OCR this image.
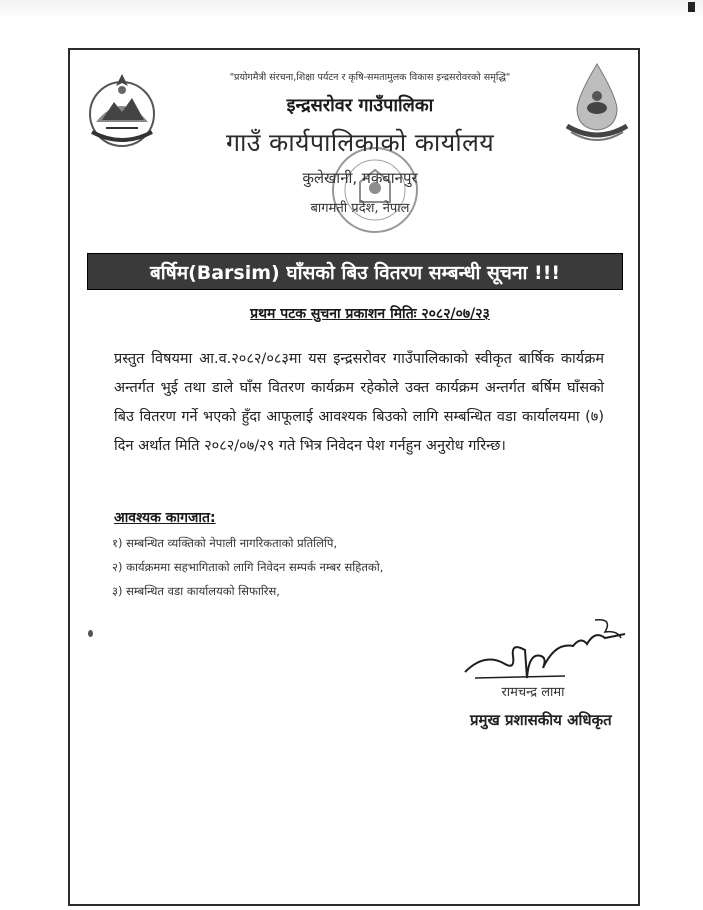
"प्रयोगमैत्री संरचना,शिक्षा पर्यटन र कृषि-समतामुलक विकास इन्द्रसरोवरको समृद्धि"
इन्द्रसरोवर गाउँपालिका
गाउँ कार्यपालिकाको कार्यालय
कुलेखानी, मकवानपुर
बागमती प्रदेश, नेपाल
बर्षिम(Barsim) घाँसको बिउ वितरण सम्बन्धी सूचना !!!
प्रथम पटक सुचना प्रकाशन मितिः २०८२/०७/२३
प्रस्तुत विषयमा आ.व.२०८२/०८३मा यस इन्द्रसरोवर गाउँपालिकाको स्वीकृत बार्षिक कार्यक्रम अन्तर्गत भुई तथा डाले घाँस वितरण कार्यक्रम रहेकोले उक्त कार्यक्रम अन्तर्गत बर्षिम घाँसको बिउ वितरण गर्ने भएको हुँदा आफूलाई आवश्यक बिउको लागि सम्बन्धित वडा कार्यालयमा (७) दिन अर्थात मिति २०८२/०७/२९ गते भित्र निवेदन पेश गर्नहुन अनुरोध गरिन्छ।
आवश्यक कागजात:
१) सम्बन्धित व्यक्तिको नेपाली नागरिकताको प्रतिलिपि,
२) कार्यक्रममा सहभागिताको लागि निवेदन सम्पर्क नम्बर सहितको,
३) सम्बन्धित वडा कार्यालयको सिफारिस,
रामचन्द्र लामा
प्रमुख प्रशासकीय अधिकृत
